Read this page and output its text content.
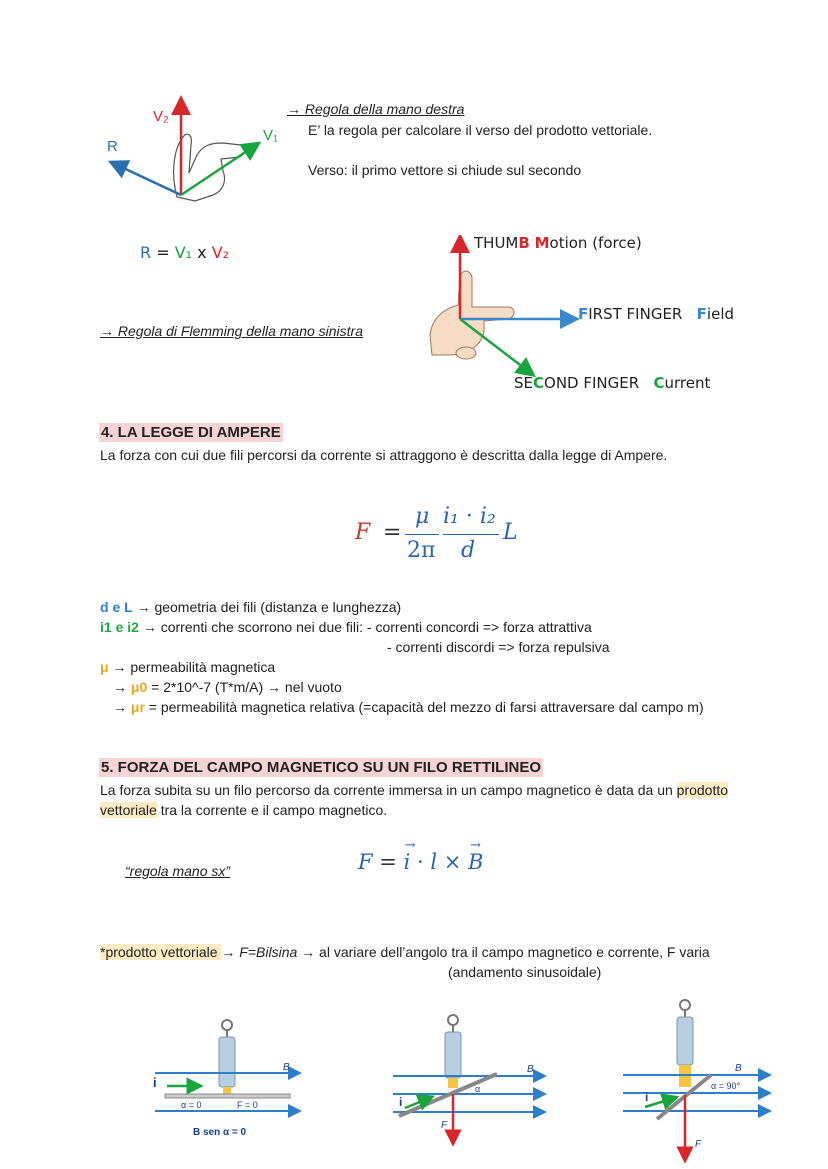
V₂
V₁
R
R = V₁ x V₂
→ Regola della mano destra
E’ la regola per calcolare il verso del prodotto vettoriale.
Verso: il primo vettore si chiude sul secondo
→ Regola di Flemming della mano sinistra
THUMB Motion (force)
FIRST FINGER   Field
SECOND FINGER   Current
4. LA LEGGE DI AMPERE
La forza con cui due fili percorsi da corrente si attraggono è descritta dalla legge di Ampere.
F =
μ
2π
i₁ · i₂
d
L
d e L → geometria dei fili (distanza e lunghezza)
i1 e i2 → correnti che scorrono nei due fili: - correnti concordi => forza attrattiva
- correnti discordi => forza repulsiva
μ → permeabilità magnetica
→ μ0 = 2*10^-7 (T*m/A) → nel vuoto
→ μr = permeabilità magnetica relativa (=capacità del mezzo di farsi attraversare dal campo m)
5. FORZA DEL CAMPO MAGNETICO SU UN FILO RETTILINEO
La forza subita su un filo percorso da corrente immersa in un campo magnetico è data da un prodotto
vettoriale tra la corrente e il campo magnetico.
“regola mano sx”	F =
→
i · l ×
→
B
*prodotto vettoriale → F=Bilsina → al variare dell’angolo tra il campo magnetico e corrente, F varia
(andamento sinusoidale)
i
B
α = 0	F = 0
B sen α = 0
i
B
α
F
i
B
α = 90°
F
